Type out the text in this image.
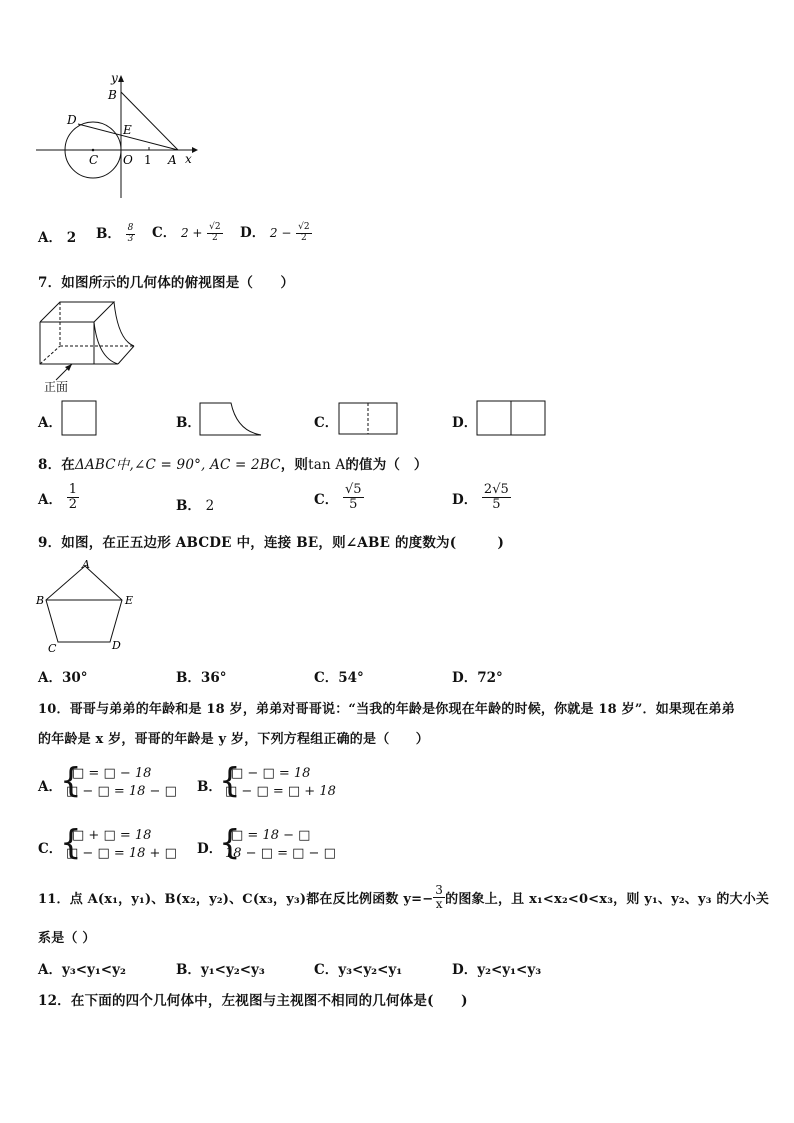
y
B
D
E
C O 1 A x
A． 2 B． $\frac{8}{3}$ C． $2 + \frac{√2}{2}$ D． $2 - \frac{√2}{2}$
7．如图所示的几何体的俯视图是（　　）
正面
A．	B．	C．	D．
8．在ΔABC中,∠C = 90°, AC = 2BC，则tan A的值为（　）
A． $\frac{1}{2}$	B． 2	C． $\frac{√5}{5}$	D． $\frac{2√5}{5}$
9．如图，在正五边形 ABCDE 中，连接 BE，则∠ABE 的度数为(　　　)
A
B	E
C	D
A．30°	B．36°	C．54°	D．72°
10．哥哥与弟弟的年龄和是 18 岁，弟弟对哥哥说：“当我的年龄是你现在年龄的时候，你就是 18 岁”．如果现在弟弟
的年龄是 x 岁，哥哥的年龄是 y 岁，下列方程组正确的是（　　）
A．
{
□ = □ − 18
□ − □ = 18 − □ B．
{
□ − □ = 18
□ − □ = □ + 18
C．
{
□ + □ = 18
□ − □ = 18 + □ D．
{
□ = 18 − □
18 − □ = □ − □
11．点 A(x₁，y₁)、B(x₂，y₂)、C(x₃，y₃)都在反比例函数 $y=- \frac{3}{x}$ 的图象上，且 x₁<x₂<0<x₃，则 y₁、y₂、y₃ 的大小关
系是（ ）
A．y₃<y₁<y₂	B．y₁<y₂<y₃	C．y₃<y₂<y₁	D．y₂<y₁<y₃
12．在下面的四个几何体中，左视图与主视图不相同的几何体是(　　)
